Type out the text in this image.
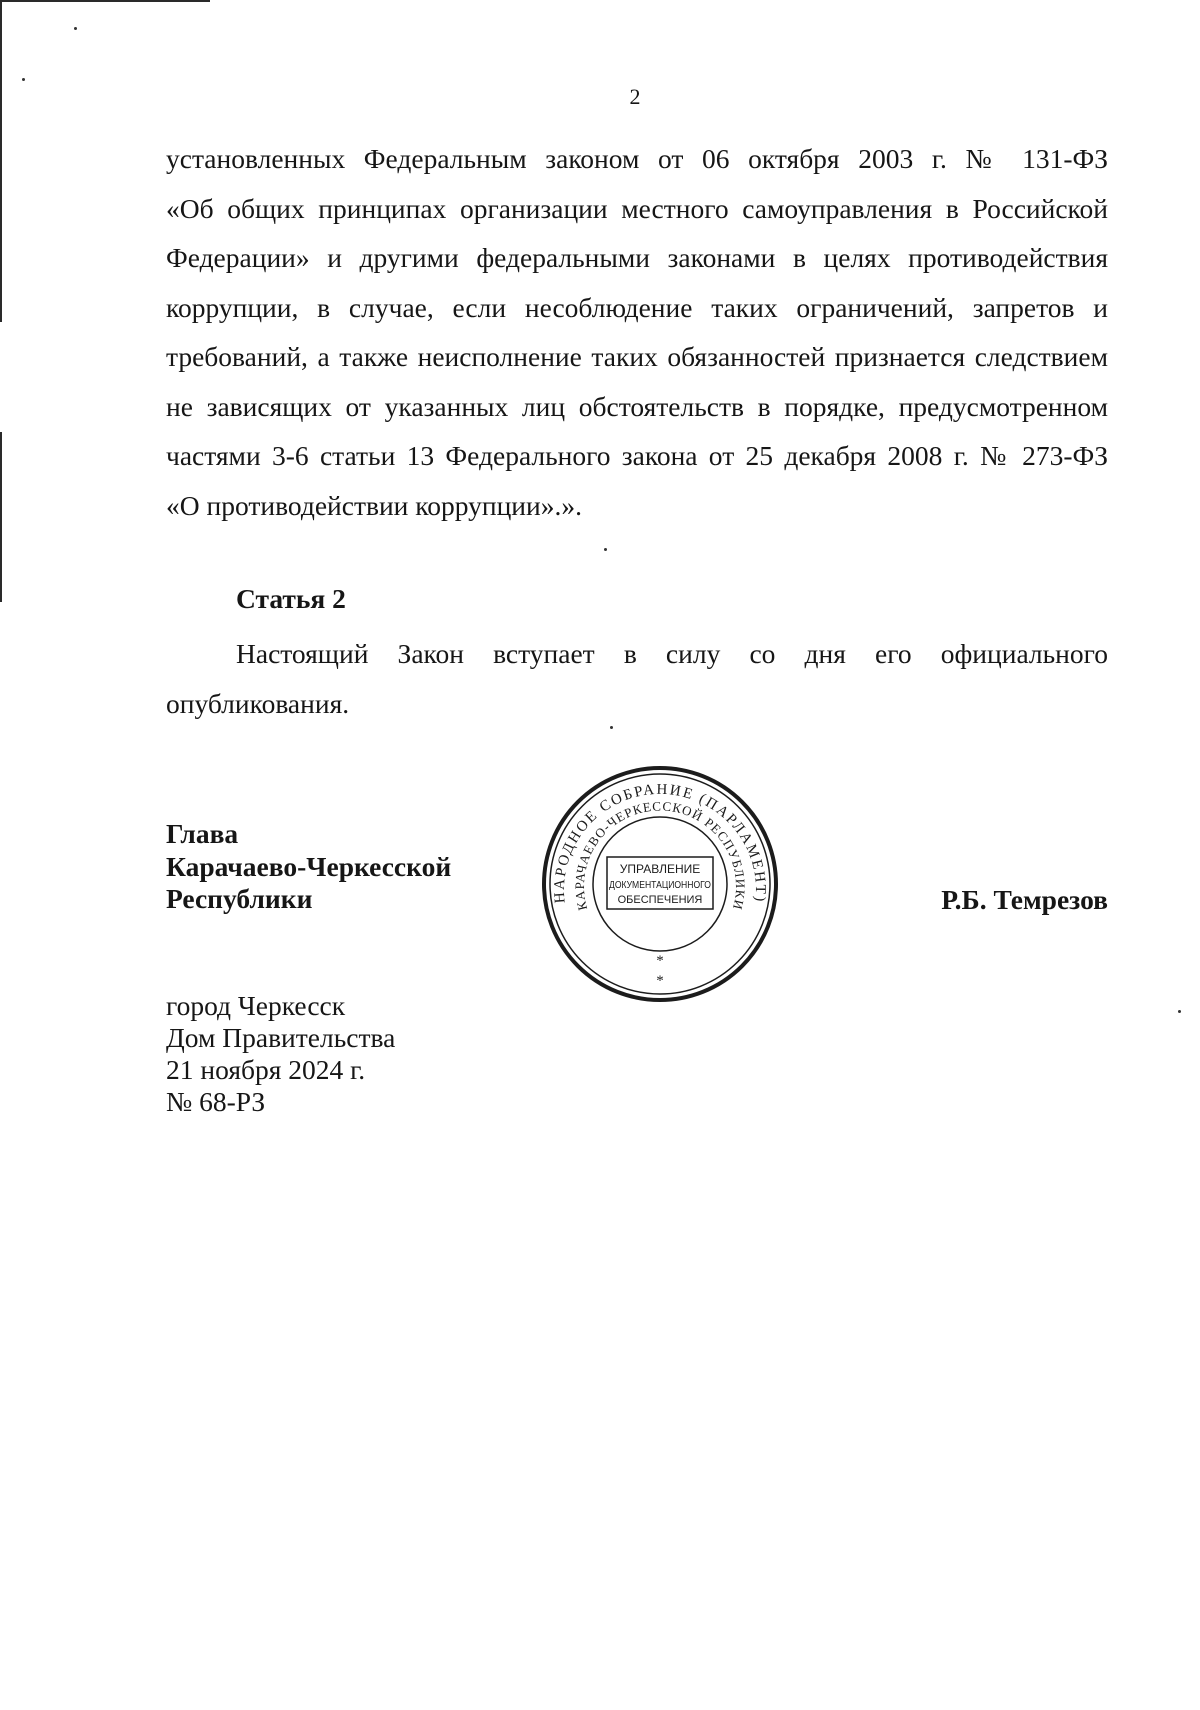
2
установленных Федеральным законом от 06 октября 2003 г. № 131-ФЗ
«Об общих принципах организации местного самоуправления в Российской
Федерации» и другими федеральными законами в целях противодействия
коррупции, в случае, если несоблюдение таких ограничений, запретов и
требований, а также неисполнение таких обязанностей признается следствием
не зависящих от указанных лиц обстоятельств в порядке, предусмотренном
частями 3-6 статьи 13 Федерального закона от 25 декабря 2008 г. № 273-ФЗ
«О противодействии коррупции».».
Статья 2
Настоящий Закон вступает в силу со дня его официального
опубликования.
Глава
Карачаево-Черкесской
Республики	Р.Б. Темрезов
город Черкесск
Дом Правительства
21 ноября 2024 г.
№ 68-РЗ
НАРОДНОЕ СОБРАНИЕ (ПАРЛАМЕНТ)
КАРАЧАЕВО-ЧЕРКЕССКОЙ РЕСПУБЛИКИ
УПРАВЛЕНИЕ
ДОКУМЕНТАЦИОННОГО
ОБЕСПЕЧЕНИЯ
*
*
